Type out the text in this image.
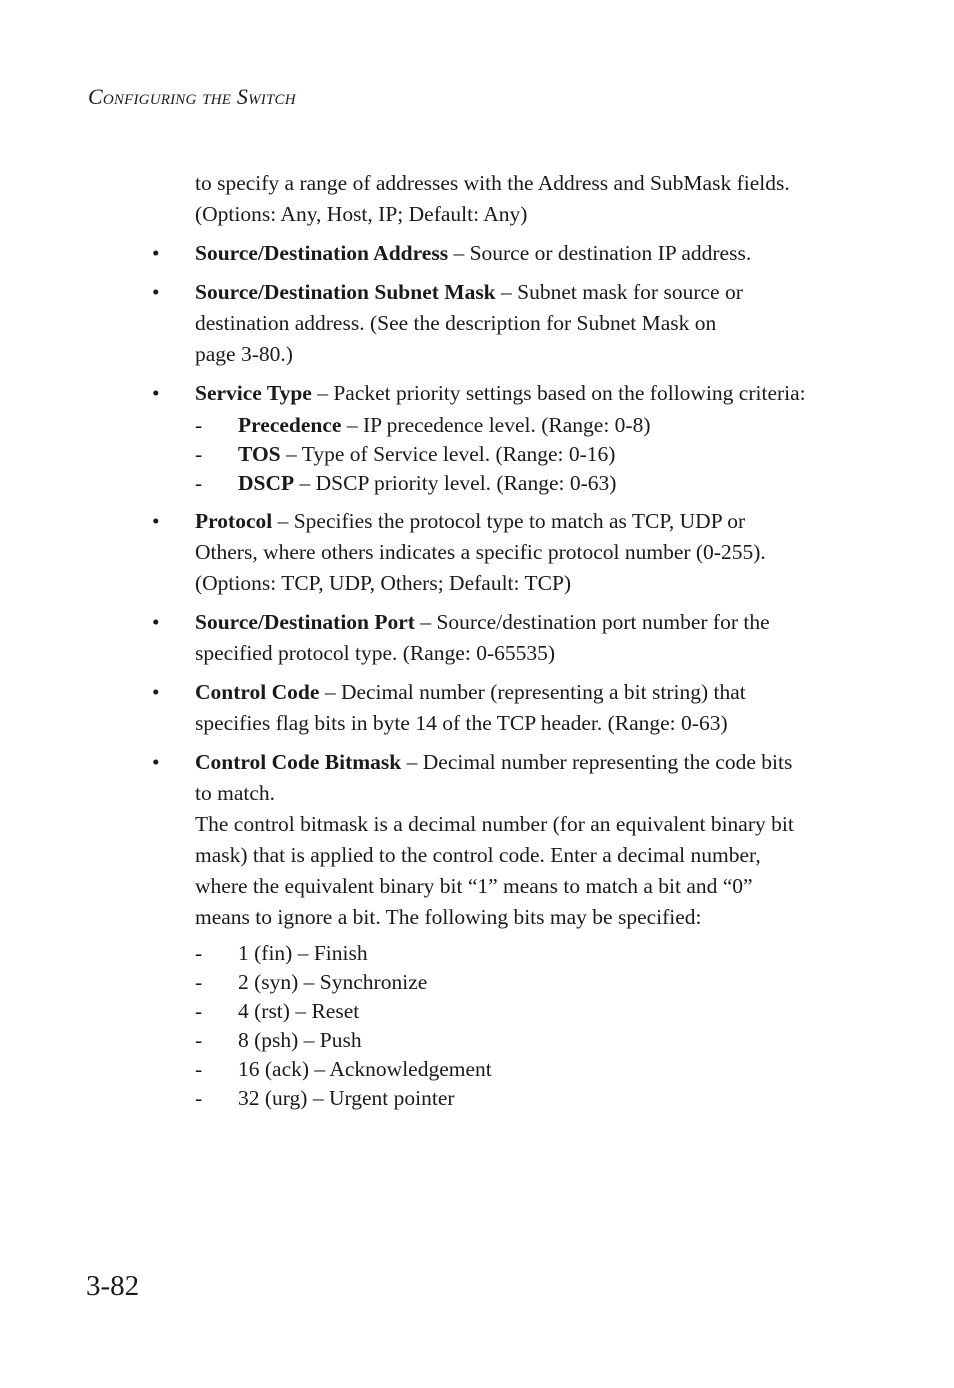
Configuring the Switch
to specify a range of addresses with the Address and SubMask fields.
(Options: Any, Host, IP; Default: Any)
• Source/Destination Address – Source or destination IP address.
• Source/Destination Subnet Mask – Subnet mask for source or
destination address. (See the description for Subnet Mask on
page 3-80.)
• Service Type – Packet priority settings based on the following criteria:
- Precedence – IP precedence level. (Range: 0-8)
- TOS – Type of Service level. (Range: 0-16)
- DSCP – DSCP priority level. (Range: 0-63)
• Protocol – Specifies the protocol type to match as TCP, UDP or
Others, where others indicates a specific protocol number (0-255).
(Options: TCP, UDP, Others; Default: TCP)
• Source/Destination Port – Source/destination port number for the
specified protocol type. (Range: 0-65535)
• Control Code – Decimal number (representing a bit string) that
specifies flag bits in byte 14 of the TCP header. (Range: 0-63)
• Control Code Bitmask – Decimal number representing the code bits
to match.
The control bitmask is a decimal number (for an equivalent binary bit
mask) that is applied to the control code. Enter a decimal number,
where the equivalent binary bit “1” means to match a bit and “0”
means to ignore a bit. The following bits may be specified:
- 1 (fin) – Finish
- 2 (syn) – Synchronize
- 4 (rst) – Reset
- 8 (psh) – Push
- 16 (ack) – Acknowledgement
- 32 (urg) – Urgent pointer
3-82
